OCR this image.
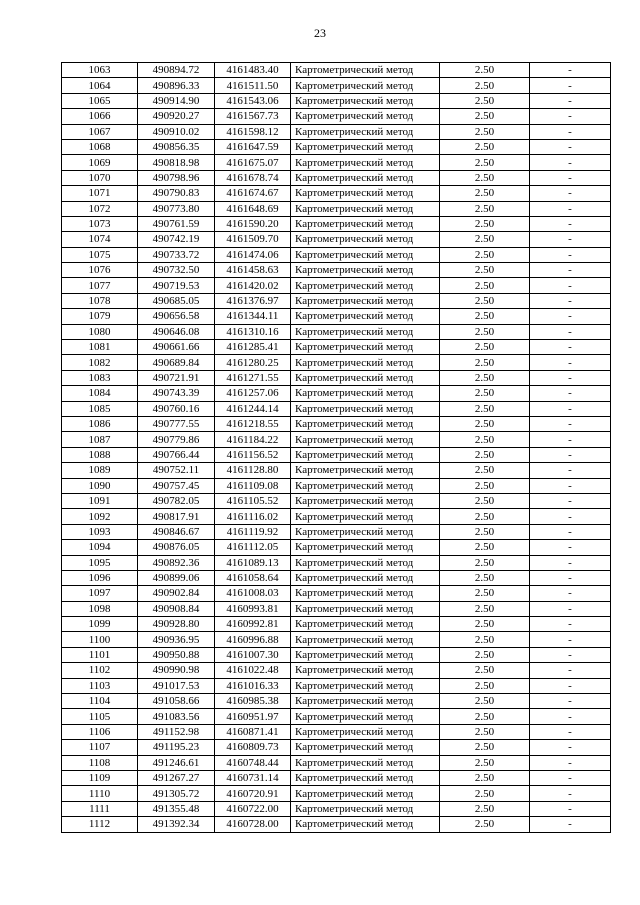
23
1063	490894.72	4161483.40	Картометрический метод	2.50	-
1064	490896.33	4161511.50	Картометрический метод	2.50	-
1065	490914.90	4161543.06	Картометрический метод	2.50	-
1066	490920.27	4161567.73	Картометрический метод	2.50	-
1067	490910.02	4161598.12	Картометрический метод	2.50	-
1068	490856.35	4161647.59	Картометрический метод	2.50	-
1069	490818.98	4161675.07	Картометрический метод	2.50	-
1070	490798.96	4161678.74	Картометрический метод	2.50	-
1071	490790.83	4161674.67	Картометрический метод	2.50	-
1072	490773.80	4161648.69	Картометрический метод	2.50	-
1073	490761.59	4161590.20	Картометрический метод	2.50	-
1074	490742.19	4161509.70	Картометрический метод	2.50	-
1075	490733.72	4161474.06	Картометрический метод	2.50	-
1076	490732.50	4161458.63	Картометрический метод	2.50	-
1077	490719.53	4161420.02	Картометрический метод	2.50	-
1078	490685.05	4161376.97	Картометрический метод	2.50	-
1079	490656.58	4161344.11	Картометрический метод	2.50	-
1080	490646.08	4161310.16	Картометрический метод	2.50	-
1081	490661.66	4161285.41	Картометрический метод	2.50	-
1082	490689.84	4161280.25	Картометрический метод	2.50	-
1083	490721.91	4161271.55	Картометрический метод	2.50	-
1084	490743.39	4161257.06	Картометрический метод	2.50	-
1085	490760.16	4161244.14	Картометрический метод	2.50	-
1086	490777.55	4161218.55	Картометрический метод	2.50	-
1087	490779.86	4161184.22	Картометрический метод	2.50	-
1088	490766.44	4161156.52	Картометрический метод	2.50	-
1089	490752.11	4161128.80	Картометрический метод	2.50	-
1090	490757.45	4161109.08	Картометрический метод	2.50	-
1091	490782.05	4161105.52	Картометрический метод	2.50	-
1092	490817.91	4161116.02	Картометрический метод	2.50	-
1093	490846.67	4161119.92	Картометрический метод	2.50	-
1094	490876.05	4161112.05	Картометрический метод	2.50	-
1095	490892.36	4161089.13	Картометрический метод	2.50	-
1096	490899.06	4161058.64	Картометрический метод	2.50	-
1097	490902.84	4161008.03	Картометрический метод	2.50	-
1098	490908.84	4160993.81	Картометрический метод	2.50	-
1099	490928.80	4160992.81	Картометрический метод	2.50	-
1100	490936.95	4160996.88	Картометрический метод	2.50	-
1101	490950.88	4161007.30	Картометрический метод	2.50	-
1102	490990.98	4161022.48	Картометрический метод	2.50	-
1103	491017.53	4161016.33	Картометрический метод	2.50	-
1104	491058.66	4160985.38	Картометрический метод	2.50	-
1105	491083.56	4160951.97	Картометрический метод	2.50	-
1106	491152.98	4160871.41	Картометрический метод	2.50	-
1107	491195.23	4160809.73	Картометрический метод	2.50	-
1108	491246.61	4160748.44	Картометрический метод	2.50	-
1109	491267.27	4160731.14	Картометрический метод	2.50	-
1110	491305.72	4160720.91	Картометрический метод	2.50	-
1111	491355.48	4160722.00	Картометрический метод	2.50	-
1112	491392.34	4160728.00	Картометрический метод	2.50	-
